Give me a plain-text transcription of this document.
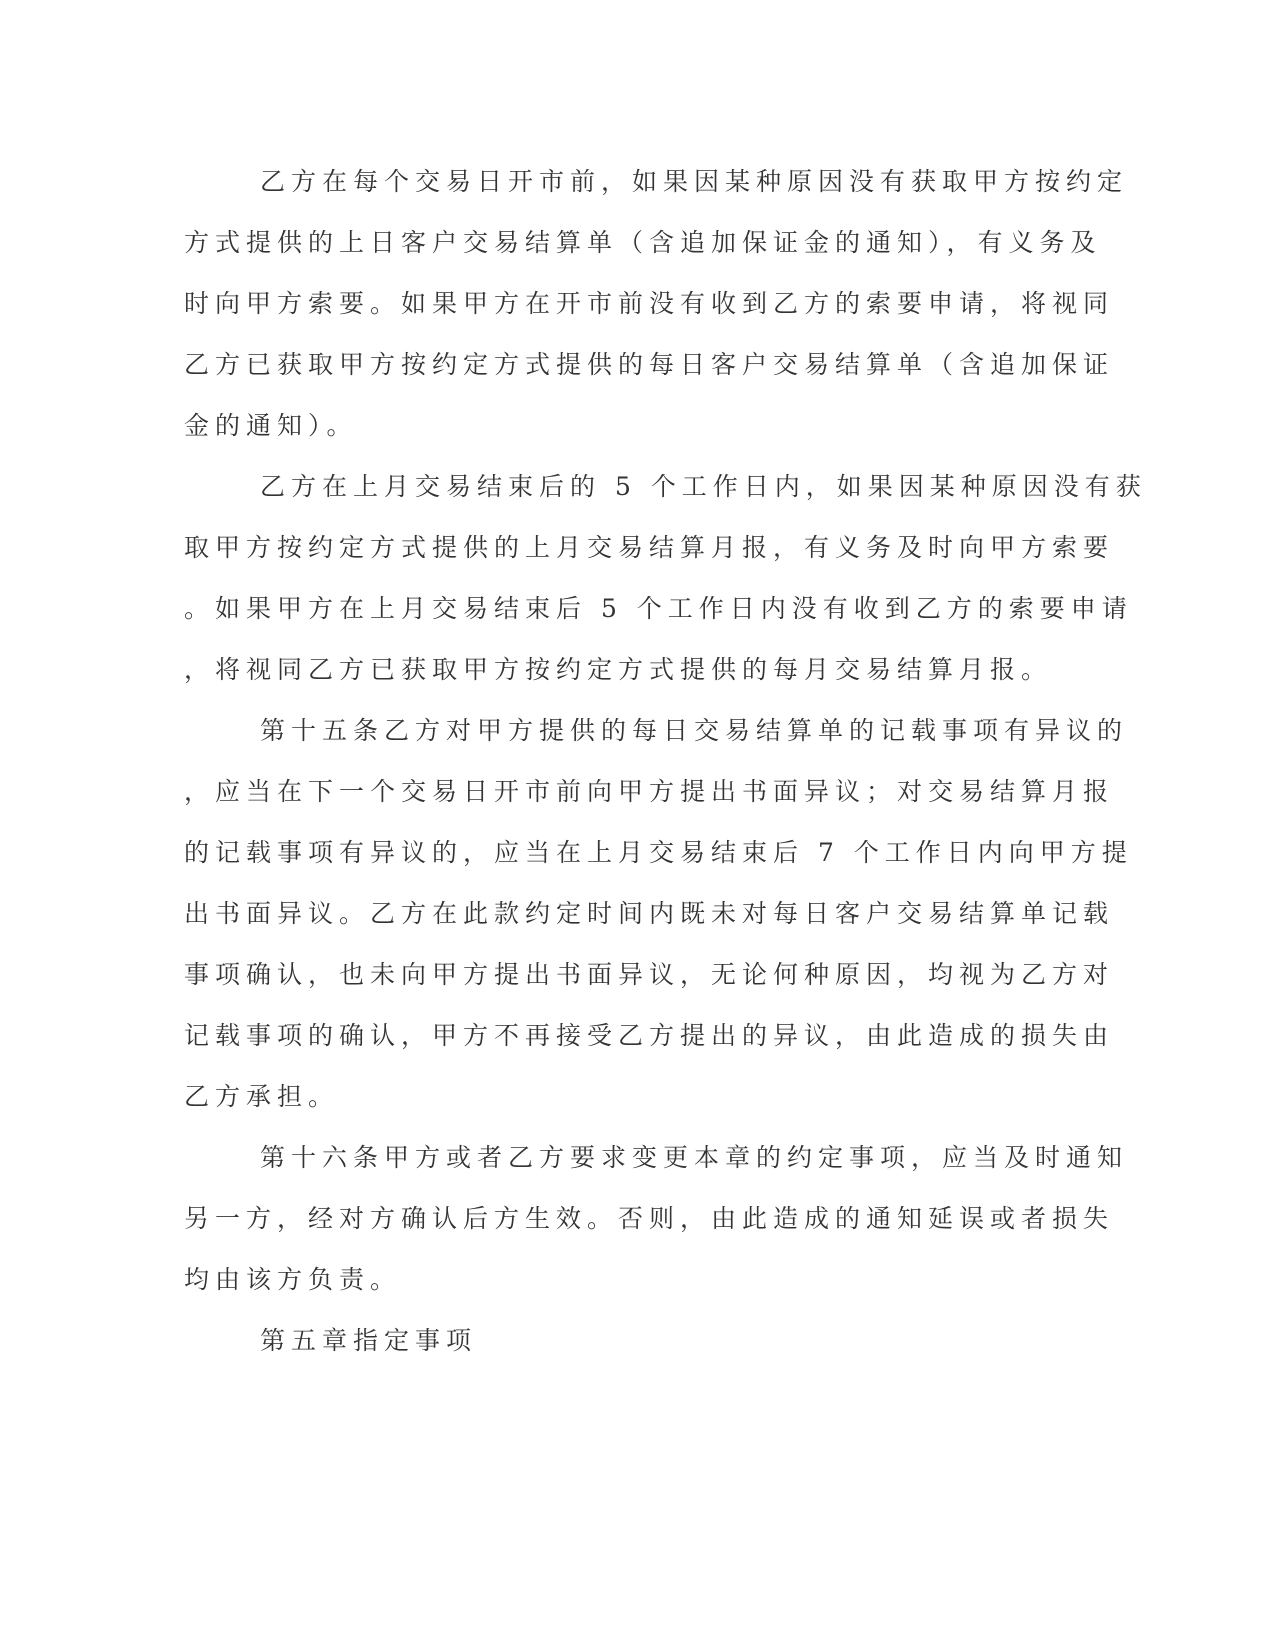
乙方在每个交易日开市前，如果因某种原因没有获取甲方按约定
方式提供的上日客户交易结算单（含追加保证金的通知），有义务及
时向甲方索要。如果甲方在开市前没有收到乙方的索要申请，将视同
乙方已获取甲方按约定方式提供的每日客户交易结算单（含追加保证
金的通知）。
乙方在上月交易结束后的 5 个工作日内，如果因某种原因没有获
取甲方按约定方式提供的上月交易结算月报，有义务及时向甲方索要
。如果甲方在上月交易结束后 5 个工作日内没有收到乙方的索要申请
，将视同乙方已获取甲方按约定方式提供的每月交易结算月报。
第十五条乙方对甲方提供的每日交易结算单的记载事项有异议的
，应当在下一个交易日开市前向甲方提出书面异议；对交易结算月报
的记载事项有异议的，应当在上月交易结束后 7 个工作日内向甲方提
出书面异议。乙方在此款约定时间内既未对每日客户交易结算单记载
事项确认，也未向甲方提出书面异议，无论何种原因，均视为乙方对
记载事项的确认，甲方不再接受乙方提出的异议，由此造成的损失由
乙方承担。
第十六条甲方或者乙方要求变更本章的约定事项，应当及时通知
另一方，经对方确认后方生效。否则，由此造成的通知延误或者损失
均由该方负责。
第五章指定事项
